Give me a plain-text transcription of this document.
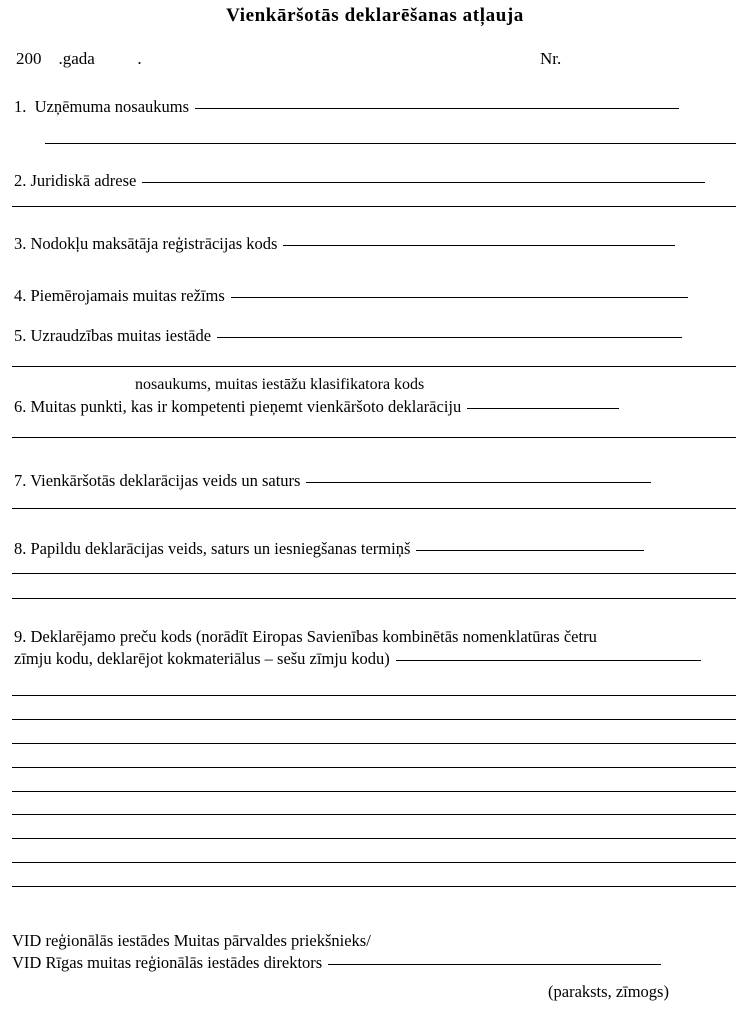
Vienkāršotās deklarēšanas atļauja
200    .gada          .	Nr.
1.  Uzņēmuma nosaukums
2. Juridiskā adrese
3. Nodokļu maksātāja reģistrācijas kods
4. Piemērojamais muitas režīms
5. Uzraudzības muitas iestāde
nosaukums, muitas iestāžu klasifikatora kods
6. Muitas punkti, kas ir kompetenti pieņemt vienkāršoto deklarāciju
7. Vienkāršotās deklarācijas veids un saturs
8. Papildu deklarācijas veids, saturs un iesniegšanas termiņš
9. Deklarējamo preču kods (norādīt Eiropas Savienības kombinētās nomenklatūras četru
zīmju kodu, deklarējot kokmateriālus – sešu zīmju kodu)
VID reģionālās iestādes Muitas pārvaldes priekšnieks/
VID Rīgas muitas reģionālās iestādes direktors
(paraksts, zīmogs)
